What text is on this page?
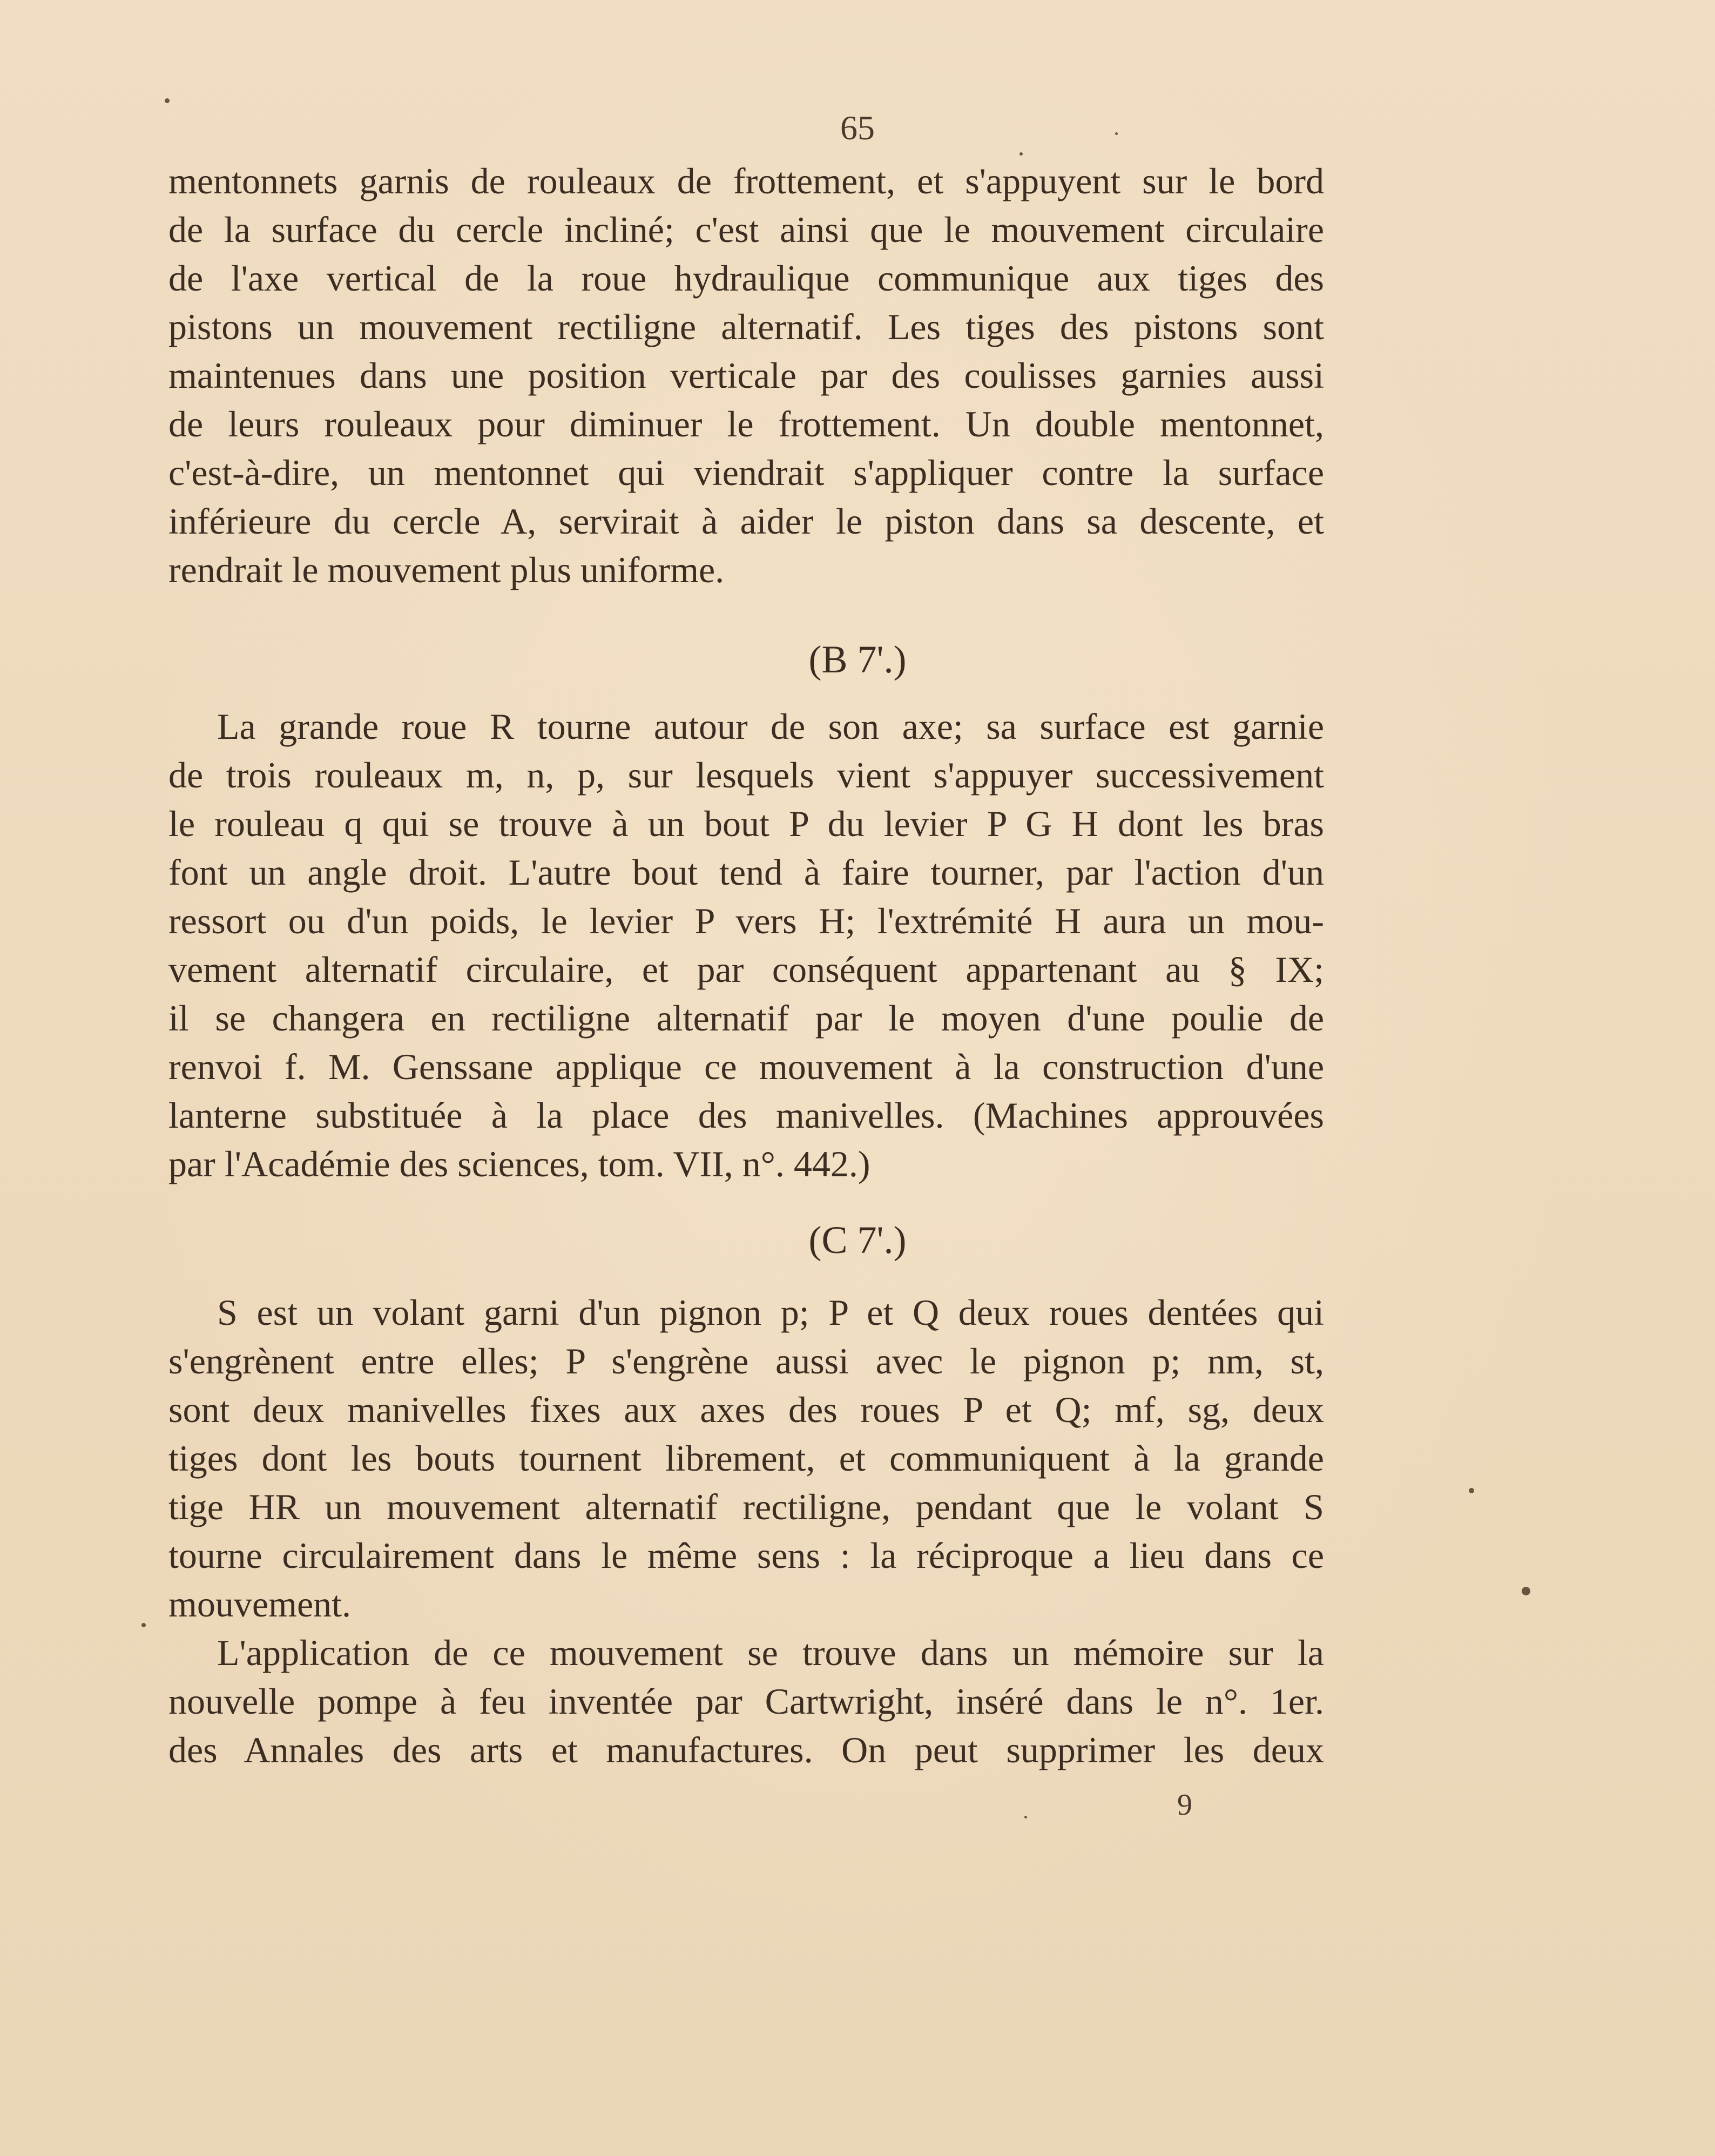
65
mentonnets garnis de rouleaux de frottement, et s'appuyent sur le bord
de la surface du cercle incliné; c'est ainsi que le mouvement circulaire
de l'axe vertical de la roue hydraulique communique aux tiges des
pistons un mouvement rectiligne alternatif. Les tiges des pistons sont
maintenues dans une position verticale par des coulisses garnies aussi
de leurs rouleaux pour diminuer le frottement. Un double mentonnet,
c'est-à-dire, un mentonnet qui viendrait s'appliquer contre la surface
inférieure du cercle A, servirait à aider le piston dans sa descente, et
rendrait le mouvement plus uniforme.
(B 7'.)
La grande roue R tourne autour de son axe; sa surface est garnie
de trois rouleaux m, n, p, sur lesquels vient s'appuyer successivement
le rouleau q qui se trouve à un bout P du levier P G H dont les bras
font un angle droit. L'autre bout tend à faire tourner, par l'action d'un
ressort ou d'un poids, le levier P vers H; l'extrémité H aura un mou-
vement alternatif circulaire, et par conséquent appartenant au § IX;
il se changera en rectiligne alternatif par le moyen d'une poulie de
renvoi f. M. Genssane applique ce mouvement à la construction d'une
lanterne substituée à la place des manivelles. (Machines approuvées
par l'Académie des sciences, tom. VII, n°. 442.)
(C 7'.)
S est un volant garni d'un pignon p; P et Q deux roues dentées qui
s'engrènent entre elles; P s'engrène aussi avec le pignon p; nm, st,
sont deux manivelles fixes aux axes des roues P et Q; mf, sg, deux
tiges dont les bouts tournent librement, et communiquent à la grande
tige HR un mouvement alternatif rectiligne, pendant que le volant S
tourne circulairement dans le même sens : la réciproque a lieu dans ce
mouvement.
L'application de ce mouvement se trouve dans un mémoire sur la
nouvelle pompe à feu inventée par Cartwright, inséré dans le n°. 1er.
des Annales des arts et manufactures. On peut supprimer les deux
9
